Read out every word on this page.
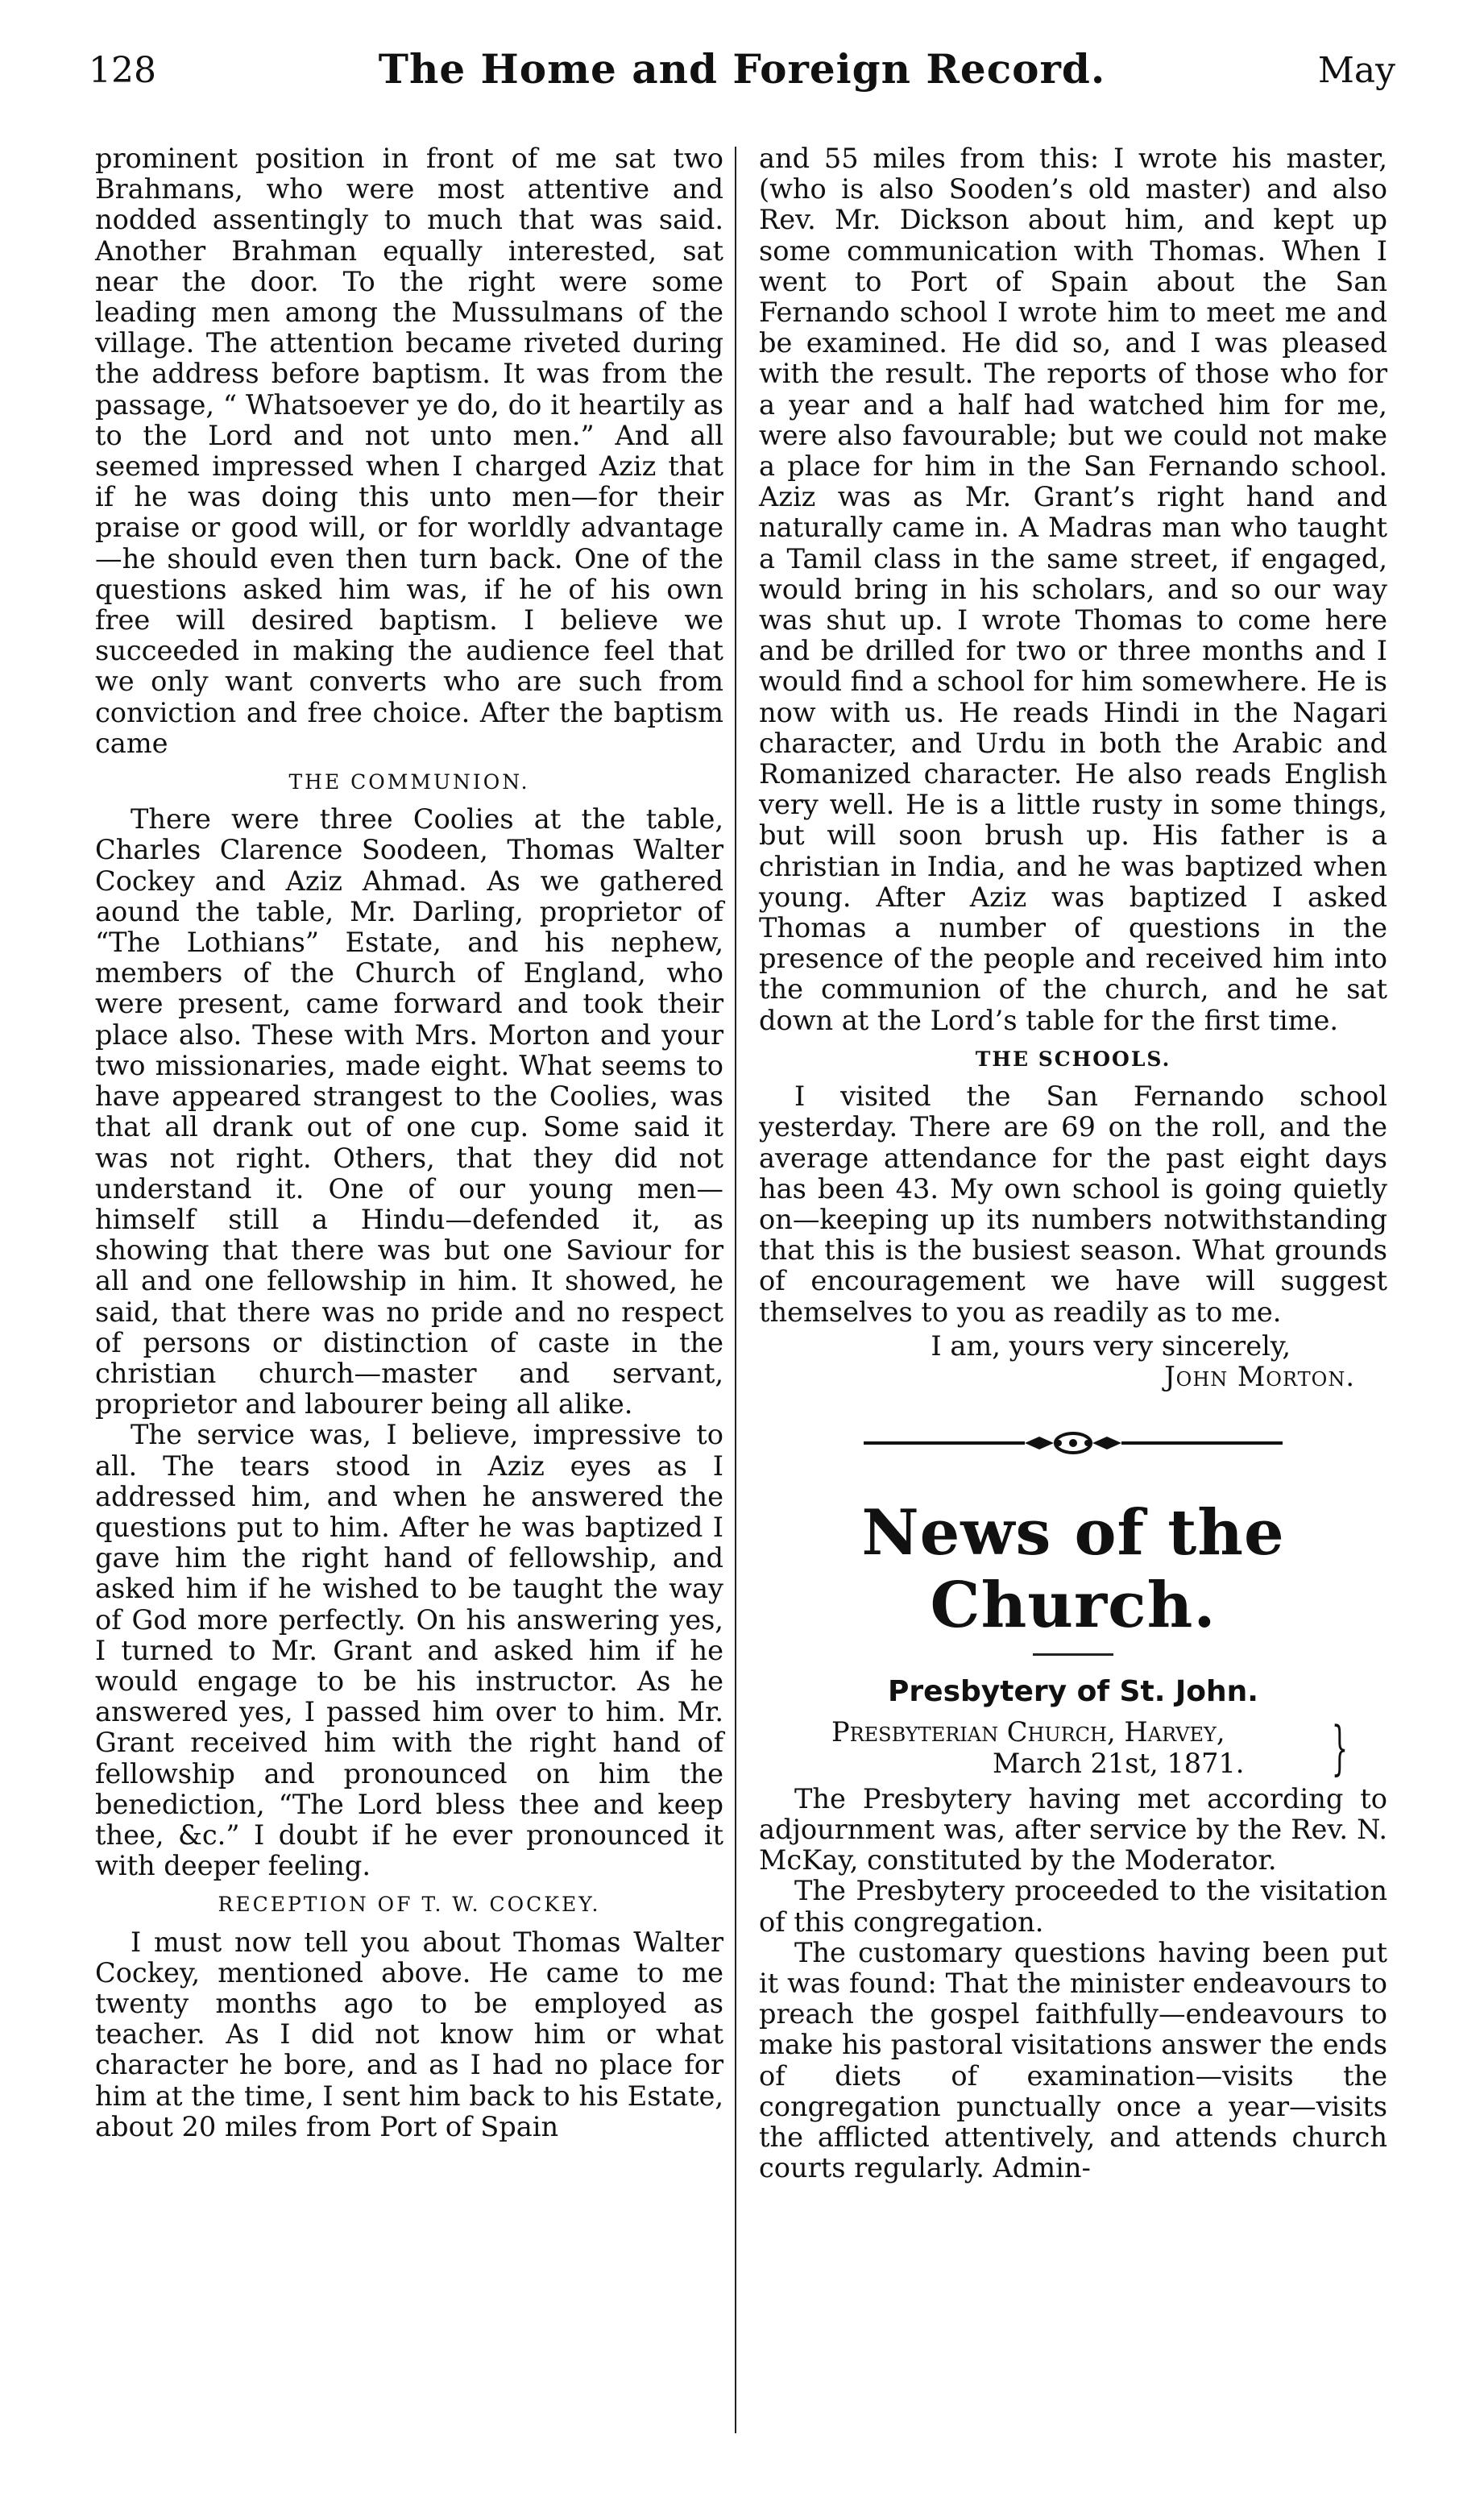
128	The Home and Foreign Record.	May

prominent position in front of me sat two Brahmans, who were most attentive and nodded assentingly to much that was said. Another Brahman equally interested, sat near the door. To the right were some leading men among the Mussulmans of the village. The attention became riveted during the address before baptism. It was from the passage, “ Whatsoever ye do, do it heartily as to the Lord and not unto men.” And all seemed impressed when I charged Aziz that if he was doing this unto men—for their praise or good will, or for worldly advantage—he should even then turn back. One of the questions asked him was, if he of his own free will desired baptism. I believe we succeeded in making the audience feel that we only want converts who are such from conviction and free choice. After the baptism came

THE COMMUNION.

There were three Coolies at the table, Charles Clarence Soodeen, Thomas Walter Cockey and Aziz Ahmad. As we gathered aound the table, Mr. Darling, proprietor of “The Lothians” Estate, and his nephew, members of the Church of England, who were present, came forward and took their place also. These with Mrs. Morton and your two missionaries, made eight. What seems to have appeared strangest to the Coolies, was that all drank out of one cup. Some said it was not right. Others, that they did not understand it. One of our young men—himself still a Hindu—defended it, as showing that there was but one Saviour for all and one fellowship in him. It showed, he said, that there was no pride and no respect of persons or distinction of caste in the christian church—master and servant, proprietor and labourer being all alike.

The service was, I believe, impressive to all. The tears stood in Aziz eyes as I addressed him, and when he answered the questions put to him. After he was baptized I gave him the right hand of fellowship, and asked him if he wished to be taught the way of God more perfectly. On his answering yes, I turned to Mr. Grant and asked him if he would engage to be his instructor. As he answered yes, I passed him over to him. Mr. Grant received him with the right hand of fellowship and pronounced on him the benediction, “The Lord bless thee and keep thee, &c.” I doubt if he ever pronounced it with deeper feeling.

RECEPTION OF T. W. COCKEY.

I must now tell you about Thomas Walter Cockey, mentioned above. He came to me twenty months ago to be employed as teacher. As I did not know him or what character he bore, and as I had no place for him at the time, I sent him back to his Estate, about 20 miles from Port of Spain

and 55 miles from this: I wrote his master, (who is also Sooden’s old master) and also Rev. Mr. Dickson about him, and kept up some communication with Thomas. When I went to Port of Spain about the San Fernando school I wrote him to meet me and be examined. He did so, and I was pleased with the result. The reports of those who for a year and a half had watched him for me, were also favourable; but we could not make a place for him in the San Fernando school. Aziz was as Mr. Grant’s right hand and naturally came in. A Madras man who taught a Tamil class in the same street, if engaged, would bring in his scholars, and so our way was shut up. I wrote Thomas to come here and be drilled for two or three months and I would find a school for him somewhere. He is now with us. He reads Hindi in the Nagari character, and Urdu in both the Arabic and Romanized character. He also reads English very well. He is a little rusty in some things, but will soon brush up. His father is a christian in India, and he was baptized when young. After Aziz was baptized I asked Thomas a number of questions in the presence of the people and received him into the communion of the church, and he sat down at the Lord’s table for the first time.

THE SCHOOLS.

I visited the San Fernando school yesterday. There are 69 on the roll, and the average attendance for the past eight days has been 43. My own school is going quietly on—keeping up its numbers notwithstanding that this is the busiest season. What grounds of encouragement we have will suggest themselves to you as readily as to me.

I am, yours very sincerely,
John Morton.
News of the Church.
Presbytery of St. John.
Presbyterian Church, Harvey,
March 21st, 1871.	}

The Presbytery having met according to adjournment was, after service by the Rev. N. McKay, constituted by the Moderator.

The Presbytery proceeded to the visitation of this congregation.

The customary questions having been put it was found: That the minister endeavours to preach the gospel faithfully—endeavours to make his pastoral visitations answer the ends of diets of examination—visits the congregation punctually once a year—visits the afflicted attentively, and attends church courts regularly. Admin-
